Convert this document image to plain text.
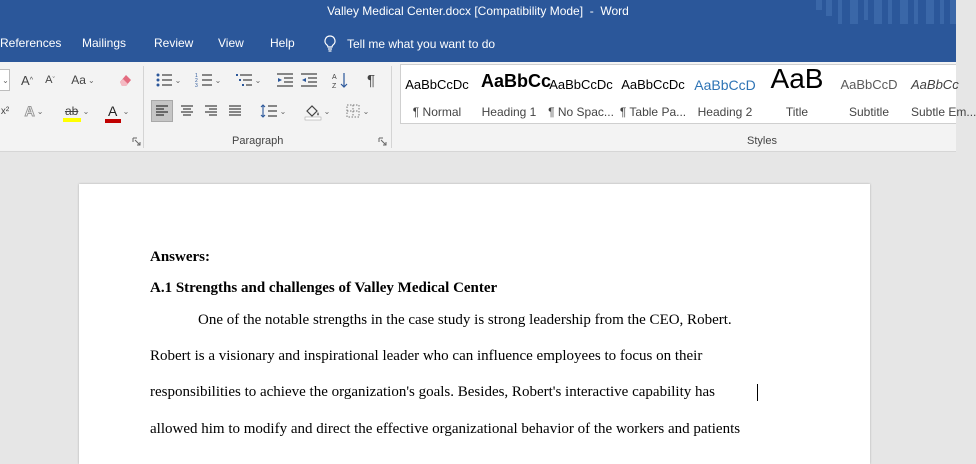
Valley Medical Center.docx [Compatibility Mode]  -  Word
References Mailings Review View Help	Tell me what you want to do
⌄ A ^ A ˇ Aa ⌄
x² A ⌄ ab ⌄ A ⌄
⌄	1
2
3
⌄	⌄	A
Z ¶
⌄	⌄	⌄
Paragraph
AaBbCcDc
¶ Normal
AaBbCc
Heading 1
AaBbCcDc
¶ No Spac...
AaBbCcDc
¶ Table Pa...
AaBbCcD
Heading 2
AaB
Title
AaBbCcD
Subtitle
AaBbCc
Subtle Em...
Styles
Answers:
A.1 Strengths and challenges of Valley Medical Center
One of the notable strengths in the case study is strong leadership from the CEO, Robert.
Robert is a visionary and inspirational leader who can influence employees to focus on their
responsibilities to achieve the organization's goals. Besides, Robert's interactive capability has
allowed him to modify and direct the effective organizational behavior of the workers and patients
